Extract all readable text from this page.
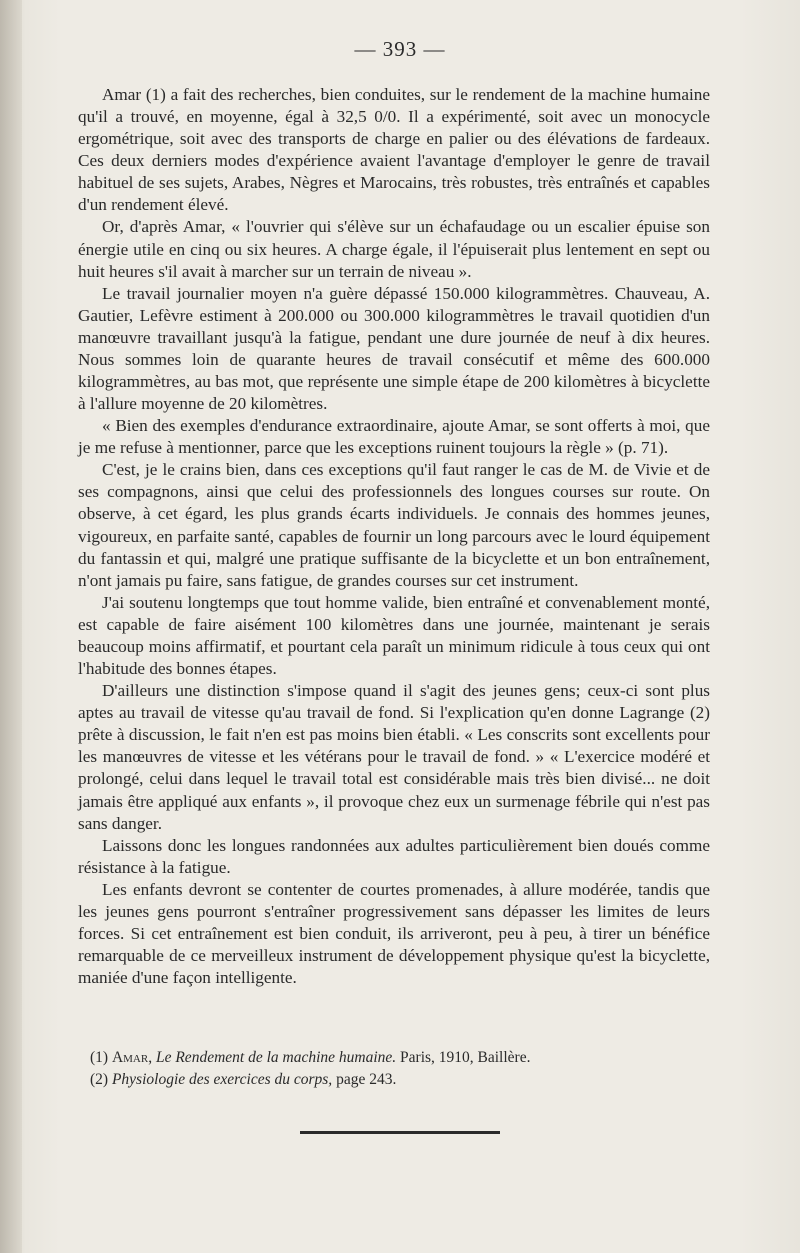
— 393 —

Amar (1) a fait des recherches, bien conduites, sur le rendement de la machine humaine qu'il a trouvé, en moyenne, égal à 32,5 0/0. Il a expérimenté, soit avec un monocycle ergométrique, soit avec des transports de charge en palier ou des élévations de fardeaux. Ces deux derniers modes d'expérience avaient l'avantage d'employer le genre de travail habituel de ses sujets, Arabes, Nègres et Marocains, très robustes, très entraînés et capables d'un rendement élevé.

Or, d'après Amar, « l'ouvrier qui s'élève sur un échafaudage ou un escalier épuise son énergie utile en cinq ou six heures. A charge égale, il l'épuiserait plus lentement en sept ou huit heures s'il avait à marcher sur un terrain de niveau ».

Le travail journalier moyen n'a guère dépassé 150.000 kilogrammètres. Chauveau, A. Gautier, Lefèvre estiment à 200.000 ou 300.000 kilogrammètres le travail quotidien d'un manœuvre travaillant jusqu'à la fatigue, pendant une dure journée de neuf à dix heures. Nous sommes loin de quarante heures de travail consécutif et même des 600.000 kilogrammètres, au bas mot, que représente une simple étape de 200 kilomètres à bicyclette à l'allure moyenne de 20 kilomètres.

« Bien des exemples d'endurance extraordinaire, ajoute Amar, se sont offerts à moi, que je me refuse à mentionner, parce que les exceptions ruinent toujours la règle » (p. 71).

C'est, je le crains bien, dans ces exceptions qu'il faut ranger le cas de M. de Vivie et de ses compagnons, ainsi que celui des professionnels des longues courses sur route. On observe, à cet égard, les plus grands écarts individuels. Je connais des hommes jeunes, vigoureux, en parfaite santé, capables de fournir un long parcours avec le lourd équipement du fantassin et qui, malgré une pratique suffisante de la bicyclette et un bon entraînement, n'ont jamais pu faire, sans fatigue, de grandes courses sur cet instrument.

J'ai soutenu longtemps que tout homme valide, bien entraîné et convenablement monté, est capable de faire aisément 100 kilomètres dans une journée, maintenant je serais beaucoup moins affirmatif, et pourtant cela paraît un minimum ridicule à tous ceux qui ont l'habitude des bonnes étapes.

D'ailleurs une distinction s'impose quand il s'agit des jeunes gens; ceux-ci sont plus aptes au travail de vitesse qu'au travail de fond. Si l'explication qu'en donne Lagrange (2) prête à discussion, le fait n'en est pas moins bien établi. « Les conscrits sont excellents pour les manœuvres de vitesse et les vétérans pour le travail de fond. » « L'exercice modéré et prolongé, celui dans lequel le travail total est considérable mais très bien divisé... ne doit jamais être appliqué aux enfants », il provoque chez eux un surmenage fébrile qui n'est pas sans danger.

Laissons donc les longues randonnées aux adultes particulièrement bien doués comme résistance à la fatigue.

Les enfants devront se contenter de courtes promenades, à allure modérée, tandis que les jeunes gens pourront s'entraîner progressivement sans dépasser les limites de leurs forces. Si cet entraînement est bien conduit, ils arriveront, peu à peu, à tirer un bénéfice remarquable de ce merveilleux instrument de développement physique qu'est la bicyclette, maniée d'une façon intelligente.

(1) Amar, Le Rendement de la machine humaine. Paris, 1910, Baillère.
(2) Physiologie des exercices du corps, page 243.
